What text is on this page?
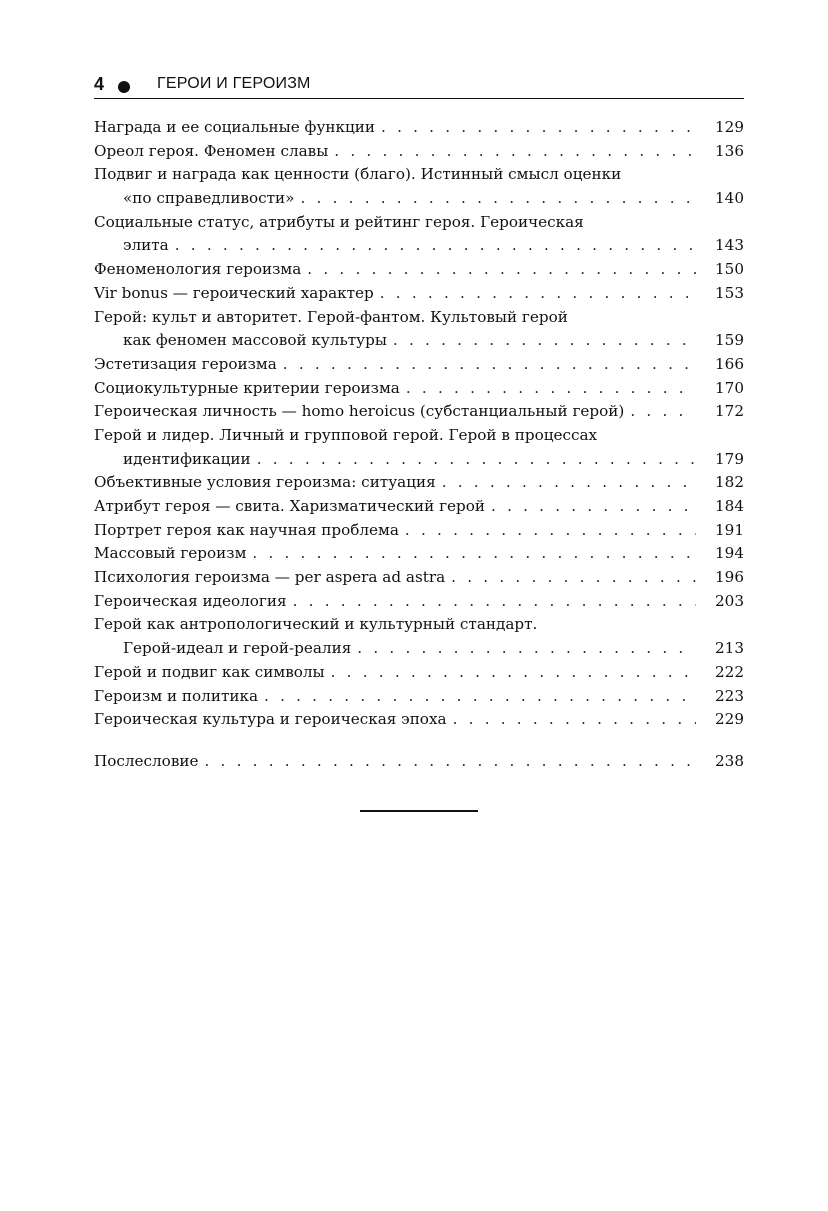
4	ГЕРОИ И ГЕРОИЗМ
Награда и ее социальные функции . . .	129
Ореол героя. Феномен славы . . .	136
Подвиг и награда как ценности (благо). Истинный смысл оценки
«по справедливости» . . .	140
Социальные статус, атрибуты и рейтинг героя. Героическая
элита . . .	143
Феноменология героизма . . .	150
Vir bonus — героический характер . . .	153
Герой: культ и авторитет. Герой-фантом. Культовый герой
как феномен массовой культуры . . .	159
Эстетизация героизма . . .	166
Социокультурные критерии героизма . . .	170
Героическая личность — homo heroicus (субстанциальный герой) . . .	172
Герой и лидер. Личный и групповой герой. Герой в процессах
идентификации . . .	179
Объективные условия героизма: ситуация . . .	182
Атрибут героя — свита. Харизматический герой . . .	184
Портрет героя как научная проблема . . .	191
Массовый героизм . . .	194
Психология героизма — per aspera ad astra . . .	196
Героическая идеология . . .	203
Герой как антропологический и культурный стандарт.
Герой-идеал и герой-реалия . . .	213
Герой и подвиг как символы . . .	222
Героизм и политика . . .	223
Героическая культура и героическая эпоха . . .	229
Послесловие . . .	238
